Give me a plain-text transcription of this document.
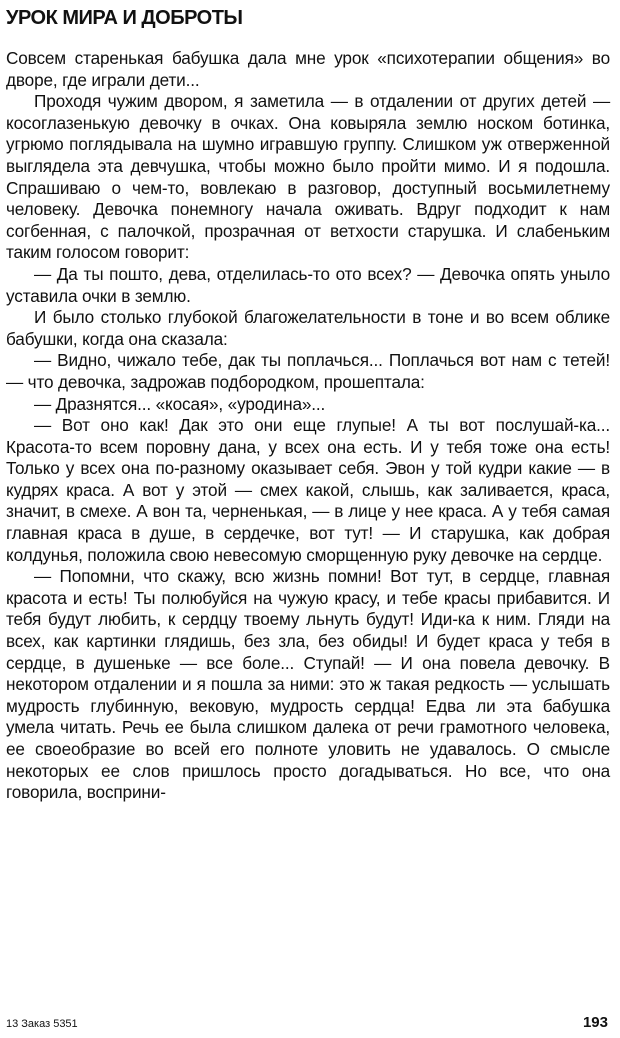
УРОК МИРА И ДОБРОТЫ

Совсем старенькая бабушка дала мне урок «психотерапии общения» во дворе, где играли дети...

Проходя чужим двором, я заметила — в отдалении от других детей — косоглазенькую девочку в очках. Она ковыряла землю носком ботинка, угрюмо поглядывала на шумно игравшую группу. Слишком уж отверженной выглядела эта девчушка, чтобы можно было пройти мимо. И я подошла. Спрашиваю о чем-то, вовлекаю в разговор, доступный восьмилетнему человеку. Девочка понемногу начала оживать. Вдруг подходит к нам согбенная, с палочкой, прозрачная от ветхости старушка. И слабеньким таким голосом говорит:

— Да ты пошто, дева, отделилась-то ото всех? — Девочка опять уныло уставила очки в землю.

И было столько глубокой благожелательности в тоне и во всем облике бабушки, когда она сказала:

— Видно, чижало тебе, дак ты поплачься... Поплачься вот нам с тетей! — что девочка, задрожав подбородком, прошептала:

— Дразнятся... «косая», «уродина»...

— Вот оно как! Дак это они еще глупые! А ты вот послушай-ка... Красота-то всем поровну дана, у всех она есть. И у тебя тоже она есть! Только у всех она по-разному оказывает себя. Эвон у той кудри какие — в кудрях краса. А вот у этой — смех какой, слышь, как заливается, краса, значит, в смехе. А вон та, черненькая, — в лице у нее краса. А у тебя самая главная краса в душе, в сердечке, вот тут! — И старушка, как добрая колдунья, положила свою невесомую сморщенную руку девочке на сердце.

— Попомни, что скажу, всю жизнь помни! Вот тут, в сердце, главная красота и есть! Ты полюбуйся на чужую красу, и тебе красы прибавится. И тебя будут любить, к сердцу твоему льнуть будут! Иди-ка к ним. Гляди на всех, как картинки глядишь, без зла, без обиды! И будет краса у тебя в сердце, в душеньке — все боле... Ступай! — И она повела девочку. В некотором отдалении и я пошла за ними: это ж такая редкость — услышать мудрость глубинную, вековую, мудрость сердца! Едва ли эта бабушка умела читать. Речь ее была слишком далека от речи грамотного человека, ее своеобразие во всей его полноте уловить не удавалось. О смысле некоторых ее слов пришлось просто догадываться. Но все, что она говорила, восприни-

13 Заказ 5351	193
